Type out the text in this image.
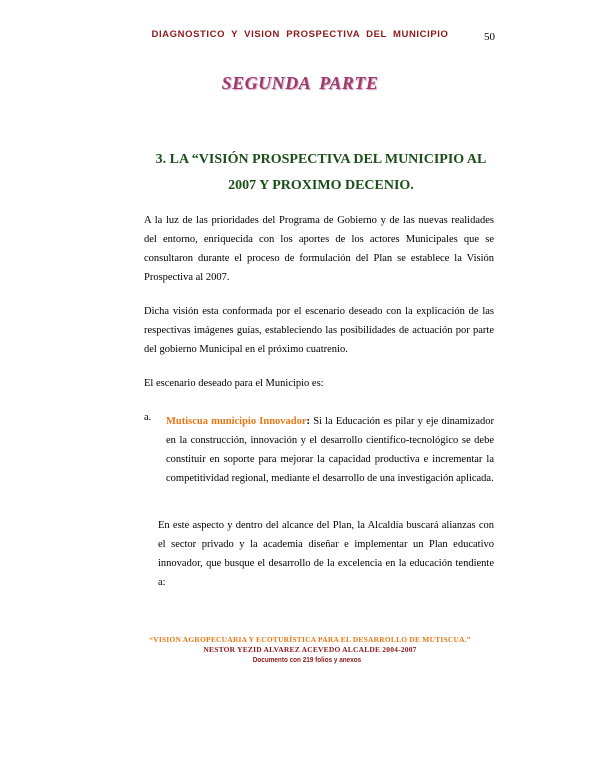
DIAGNOSTICO Y VISION PROSPECTIVA DEL MUNICIPIO	50
SEGUNDA PARTE
3. LA “VISIÓN PROSPECTIVA DEL MUNICIPIO AL
2007 Y PROXIMO DECENIO.

A la luz de las prioridades del Programa de Gobierno y de las nuevas realidades del entorno, enriquecida con los aportes de los actores Municipales que se consultaron durante el proceso de formulación del Plan se establece la Visión Prospectiva al 2007.

Dicha visión esta conformada por el escenario deseado con la explicación de las respectivas imágenes guías, estableciendo las posibilidades de actuación por parte del gobierno Municipal en el próximo cuatrenio.

El escenario deseado para el Municipio es:

a. Mutiscua municipio Innovador: Si la Educación es pilar y eje dinamizador en la construcción, innovación y el desarrollo científico-tecnológico se debe constituir en soporte para mejorar la capacidad productiva e incrementar la competitividad regional, mediante el desarrollo de una investigación aplicada.

En este aspecto y dentro del alcance del Plan, la Alcaldía buscará alianzas con el sector privado y la academia diseñar e implementar un Plan educativo innovador, que busque el desarrollo de la excelencia en la educación tendiente a:

“VISION AGROPECUARIA Y ECOTURÍSTICA PARA EL DESARROLLO DE MUTISCUA.”
NESTOR YEZID ALVAREZ ACEVEDO ALCALDE 2004-2007
Documento con 219 folios y anexos
